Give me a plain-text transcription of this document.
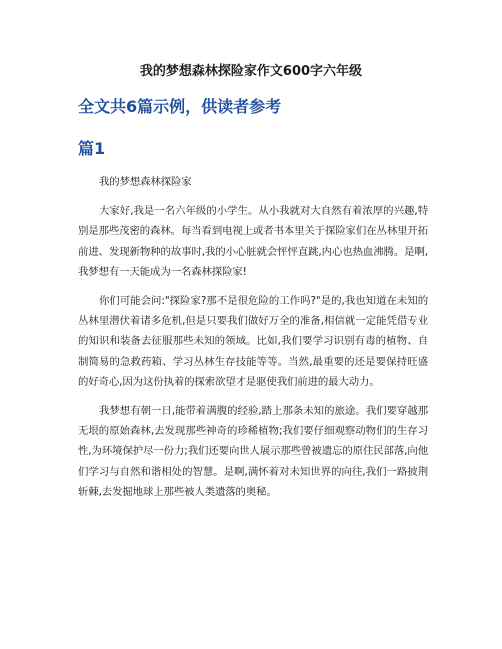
我的梦想森林探险家作文600字六年级
全文共6篇示例，供读者参考
篇1

我的梦想森林探险家

大家好,我是一名六年级的小学生。从小我就对大自然有着浓厚的兴趣,特别是那些茂密的森林。每当看到电视上或者书本里关于探险家们在丛林里开拓前进、发现新物种的故事时,我的小心脏就会怦怦直跳,内心也热血沸腾。是啊,我梦想有一天能成为一名森林探险家!

你们可能会问:"探险家?那不是很危险的工作吗?"是的,我也知道在未知的丛林里潜伏着诸多危机,但是只要我们做好万全的准备,相信就一定能凭借专业的知识和装备去征服那些未知的领域。比如,我们要学习识别有毒的植物、自制简易的急救药箱、学习丛林生存技能等等。当然,最重要的还是要保持旺盛的好奇心,因为这份执着的探索欲望才是驱使我们前进的最大动力。

我梦想有朝一日,能带着满腹的经验,踏上那条未知的旅途。我们要穿越那无垠的原始森林,去发现那些神奇的珍稀植物;我们要仔细观察动物们的生存习性,为环境保护尽一份力;我们还要向世人展示那些曾被遗忘的原住民部落,向他们学习与自然和谐相处的智慧。是啊,满怀着对未知世界的向往,我们一路披荆斩棘,去发掘地球上那些被人类遗落的奥秘。
